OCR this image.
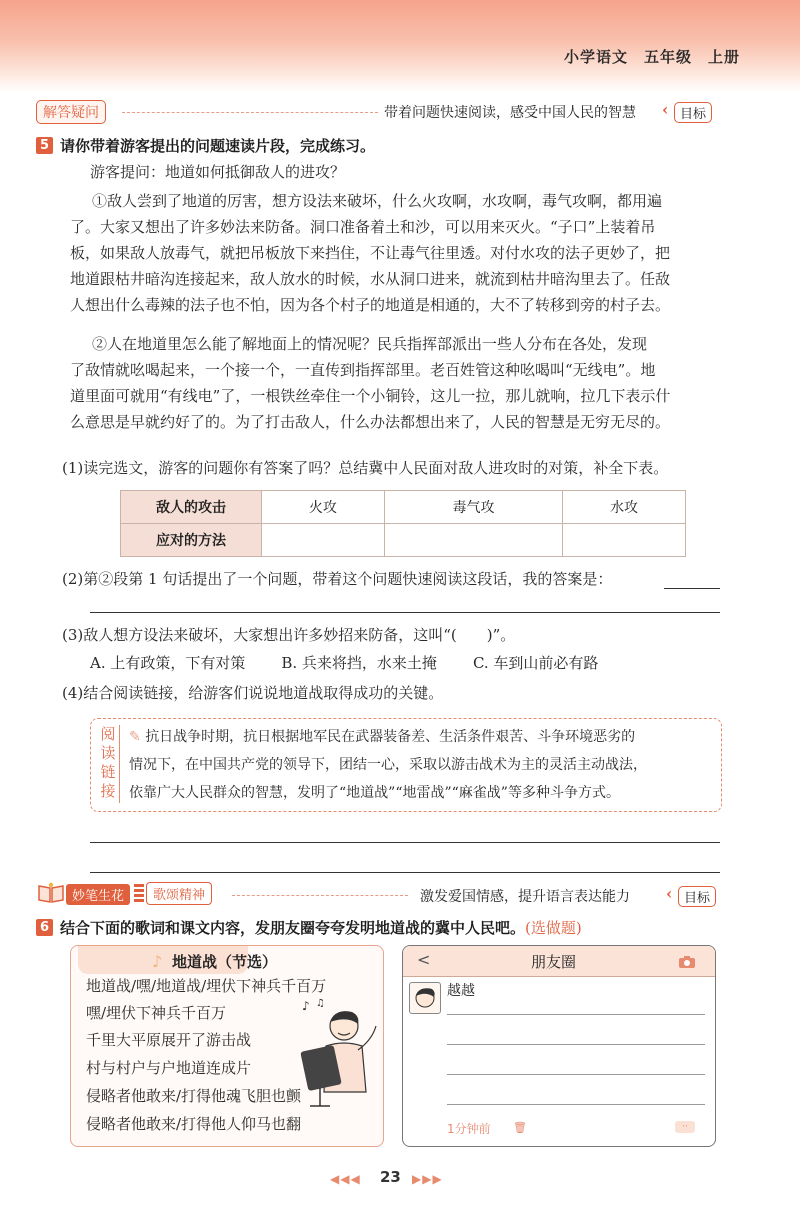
小学语文　五年级　上册
解答疑问	带着问题快速阅读，感受中国人民的智慧 ‹ 目标
5 请你带着游客提出的问题速读片段，完成练习。
游客提问：地道如何抵御敌人的进攻？
①敌人尝到了地道的厉害，想方设法来破坏，什么火攻啊，水攻啊，毒气攻啊，都用遍
了。大家又想出了许多妙法来防备。洞口准备着土和沙，可以用来灭火。“子口”上装着吊
板，如果敌人放毒气，就把吊板放下来挡住，不让毒气往里透。对付水攻的法子更妙了，把
地道跟枯井暗沟连接起来，敌人放水的时候，水从洞口进来，就流到枯井暗沟里去了。任敌
人想出什么毒辣的法子也不怕，因为各个村子的地道是相通的，大不了转移到旁的村子去。
②人在地道里怎么能了解地面上的情况呢？民兵指挥部派出一些人分布在各处，发现
了敌情就吆喝起来，一个接一个，一直传到指挥部里。老百姓管这种吆喝叫“无线电”。地
道里面可就用“有线电”了，一根铁丝牵住一个小铜铃，这儿一拉，那儿就响，拉几下表示什
么意思是早就约好了的。为了打击敌人，什么办法都想出来了，人民的智慧是无穷无尽的。
(1)读完选文，游客的问题你有答案了吗？总结冀中人民面对敌人进攻时的对策，补全下表。
敌人的攻击	火攻	毒气攻	水攻
应对的方法			
(2)第②段第 1 句话提出了一个问题，带着这个问题快速阅读这段话，我的答案是：
(3)敌人想方设法来破坏，大家想出许多妙招来防备，这叫“(　　)”。
A. 上有政策，下有对策 B. 兵来将挡，水来土掩 C. 车到山前必有路
(4)结合阅读链接，给游客们说说地道战取得成功的关键。
阅读链接
✎ 抗日战争时期，抗日根据地军民在武器装备差、生活条件艰苦、斗争环境恶劣的
情况下，在中国共产党的领导下，团结一心，采取以游击战术为主的灵活主动战法，
依靠广大人民群众的智慧，发明了“地道战”“地雷战”“麻雀战”等多种斗争方式。
妙笔生花	歌颂精神	激发爱国情感，提升语言表达能力 ‹ 目标
6 结合下面的歌词和课文内容，发朋友圈夸夸发明地道战的冀中人民吧。(选做题)
♪ 地道战（节选）
地道战/嘿/地道战/埋伏下神兵千百万
嘿/埋伏下神兵千百万
千里大平原展开了游击战
村与村户与户地道连成片
侵略者他敢来/打得他魂飞胆也颤
侵略者他敢来/打得他人仰马也翻
♪ ♫
<	朋友圈
越越
1分钟前 🗑	··
◀◀◀ 23 ▶▶▶
